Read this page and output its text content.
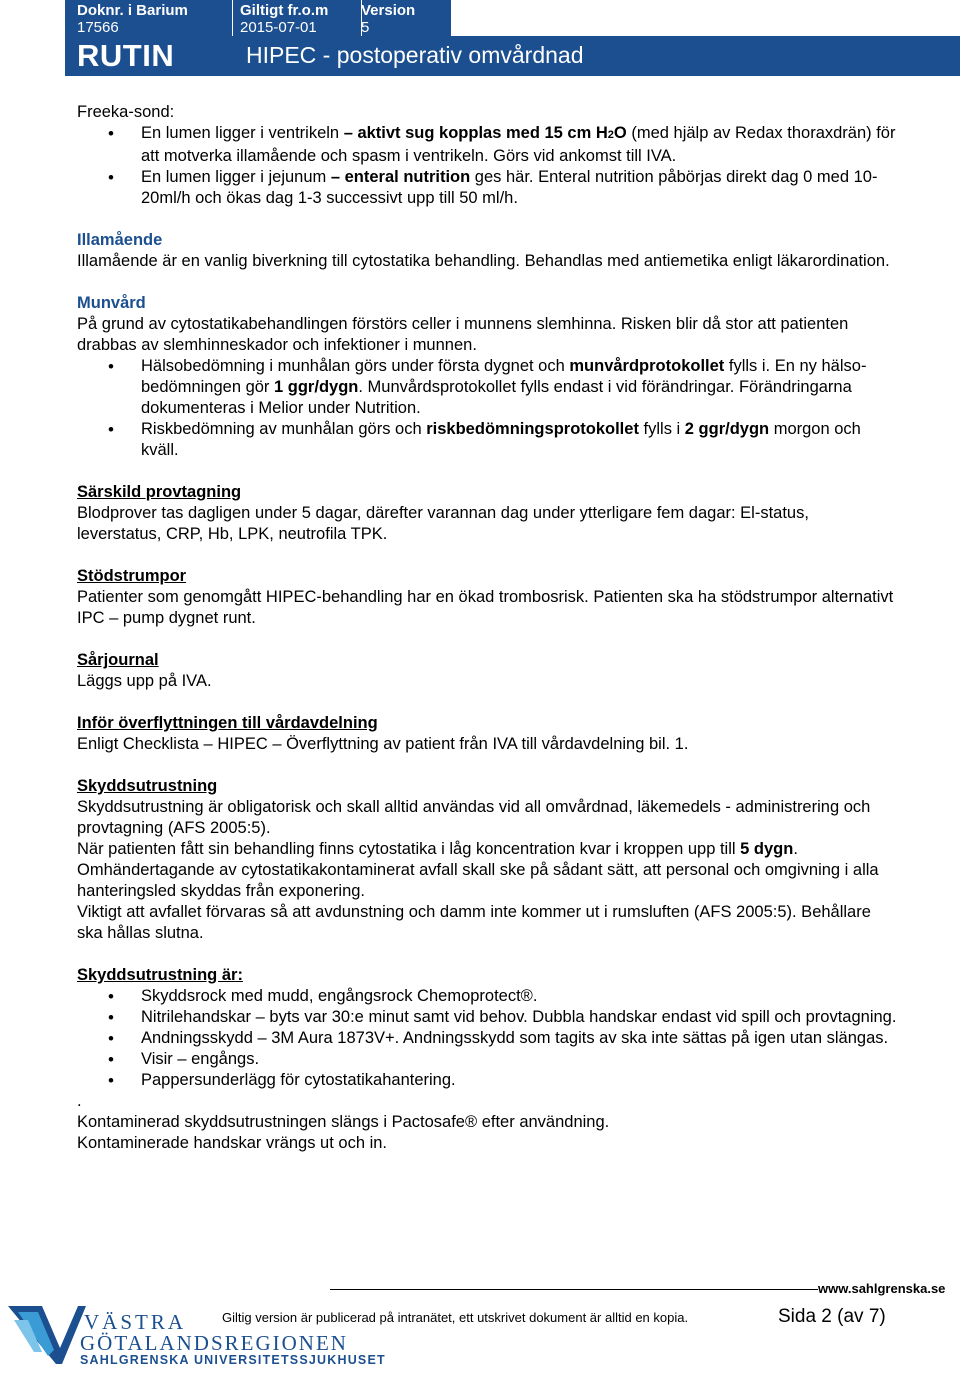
Doknr. i Barium
17566
Giltigt fr.o.m
2015-07-01
Version
5
RUTIN	HIPEC - postoperativ omvårdnad

Freeka-sond:

• En lumen ligger i ventrikeln – aktivt sug kopplas med 15 cm H2O (med hjälp av Redax thoraxdrän) för att motverka illamående och spasm i ventrikeln. Görs vid ankomst till IVA.
• En lumen ligger i jejunum – enteral nutrition ges här. Enteral nutrition påbörjas direkt dag 0 med 10-20ml/h och ökas dag 1-3 successivt upp till 50 ml/h.

Illamående

Illamående är en vanlig biverkning till cytostatika behandling. Behandlas med antiemetika enligt läkarordination.

Munvård

På grund av cytostatikabehandlingen förstörs celler i munnens slemhinna. Risken blir då stor att patienten drabbas av slemhinneskador och infektioner i munnen.

• Hälsobedömning i munhålan görs under första dygnet och munvårdprotokollet fylls i. En ny hälso- bedömningen gör 1 ggr/dygn. Munvårdsprotokollet fylls endast i vid förändringar. Förändringarna dokumenteras i Melior under Nutrition.
• Riskbedömning av munhålan görs och riskbedömningsprotokollet fylls i 2 ggr/dygn morgon och kväll.

Särskild provtagning

Blodprover tas dagligen under 5 dagar, därefter varannan dag under ytterligare fem dagar: El-status, leverstatus, CRP, Hb, LPK, neutrofila TPK.

Stödstrumpor

Patienter som genomgått HIPEC-behandling har en ökad trombosrisk. Patienten ska ha stödstrumpor alternativt IPC – pump dygnet runt.

Sårjournal

Läggs upp på IVA.

Inför överflyttningen till vårdavdelning

Enligt Checklista – HIPEC – Överflyttning av patient från IVA till vårdavdelning bil. 1.

Skyddsutrustning

Skyddsutrustning är obligatorisk och skall alltid användas vid all omvårdnad, läkemedels - administrering och provtagning (AFS 2005:5).

När patienten fått sin behandling finns cytostatika i låg koncentration kvar i kroppen upp till 5 dygn.

Omhändertagande av cytostatikakontaminerat avfall skall ske på sådant sätt, att personal och omgivning i alla hanteringsled skyddas från exponering.

Viktigt att avfallet förvaras så att avdunstning och damm inte kommer ut i rumsluften (AFS 2005:5). Behållare ska hållas slutna.

Skyddsutrustning är:

• Skyddsrock med mudd, engångsrock Chemoprotect®.
• Nitrilehandskar – byts var 30:e minut samt vid behov. Dubbla handskar endast vid spill och provtagning.
• Andningsskydd – 3M Aura 1873V+. Andningsskydd som tagits av ska inte sättas på igen utan slängas.
• Visir – engångs.
• Pappersunderlägg för cytostatikahantering.

.

Kontaminerad skyddsutrustningen slängs i Pactosafe® efter användning.

Kontaminerade handskar vrängs ut och in.

www.sahlgrenska.se
VÄSTRA
GÖTALANDSREGIONEN
SAHLGRENSKA UNIVERSITETSSJUKHUSET
Giltig version är publicerad på intranätet, ett utskrivet dokument är alltid en kopia.	Sida 2 (av 7)
